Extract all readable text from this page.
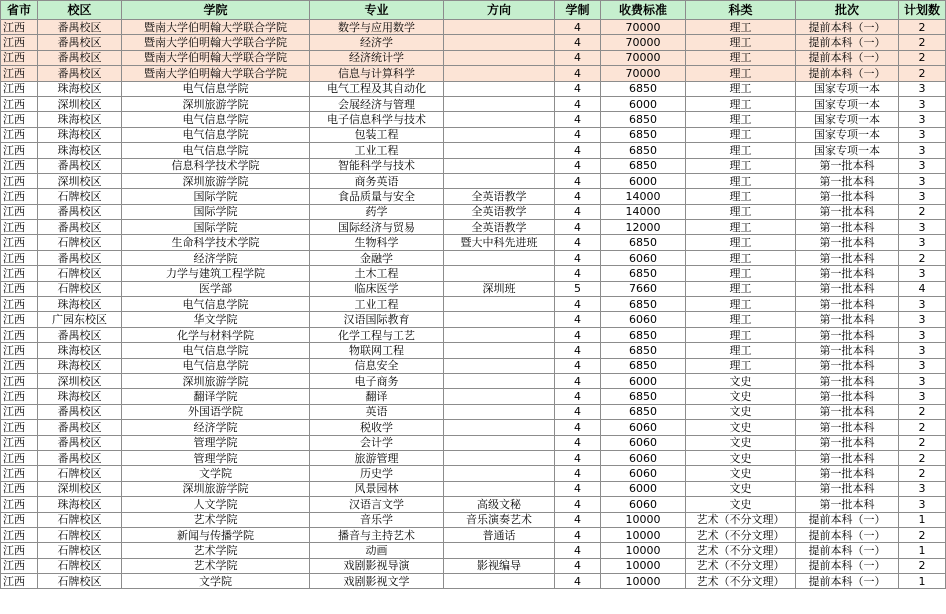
省市	校区	学院	专业	方向	学制	收费标准	科类	批次	计划数
江西	番禺校区	暨南大学伯明翰大学联合学院	数学与应用数学		4	70000	理工	提前本科（一）	2
江西	番禺校区	暨南大学伯明翰大学联合学院	经济学		4	70000	理工	提前本科（一）	2
江西	番禺校区	暨南大学伯明翰大学联合学院	经济统计学		4	70000	理工	提前本科（一）	2
江西	番禺校区	暨南大学伯明翰大学联合学院	信息与计算科学		4	70000	理工	提前本科（一）	2
江西	珠海校区	电气信息学院	电气工程及其自动化		4	6850	理工	国家专项一本	3
江西	深圳校区	深圳旅游学院	会展经济与管理		4	6000	理工	国家专项一本	3
江西	珠海校区	电气信息学院	电子信息科学与技术		4	6850	理工	国家专项一本	3
江西	珠海校区	电气信息学院	包装工程		4	6850	理工	国家专项一本	3
江西	珠海校区	电气信息学院	工业工程		4	6850	理工	国家专项一本	3
江西	番禺校区	信息科学技术学院	智能科学与技术		4	6850	理工	第一批本科	3
江西	深圳校区	深圳旅游学院	商务英语		4	6000	理工	第一批本科	3
江西	石牌校区	国际学院	食品质量与安全	全英语教学	4	14000	理工	第一批本科	3
江西	番禺校区	国际学院	药学	全英语教学	4	14000	理工	第一批本科	2
江西	番禺校区	国际学院	国际经济与贸易	全英语教学	4	12000	理工	第一批本科	3
江西	石牌校区	生命科学技术学院	生物科学	暨大中科先进班	4	6850	理工	第一批本科	3
江西	番禺校区	经济学院	金融学		4	6060	理工	第一批本科	2
江西	石牌校区	力学与建筑工程学院	土木工程		4	6850	理工	第一批本科	3
江西	石牌校区	医学部	临床医学	深圳班	5	7660	理工	第一批本科	4
江西	珠海校区	电气信息学院	工业工程		4	6850	理工	第一批本科	3
江西	广园东校区	华文学院	汉语国际教育		4	6060	理工	第一批本科	3
江西	番禺校区	化学与材料学院	化学工程与工艺		4	6850	理工	第一批本科	3
江西	珠海校区	电气信息学院	物联网工程		4	6850	理工	第一批本科	3
江西	珠海校区	电气信息学院	信息安全		4	6850	理工	第一批本科	3
江西	深圳校区	深圳旅游学院	电子商务		4	6000	文史	第一批本科	3
江西	珠海校区	翻译学院	翻译		4	6850	文史	第一批本科	3
江西	番禺校区	外国语学院	英语		4	6850	文史	第一批本科	2
江西	番禺校区	经济学院	税收学		4	6060	文史	第一批本科	2
江西	番禺校区	管理学院	会计学		4	6060	文史	第一批本科	2
江西	番禺校区	管理学院	旅游管理		4	6060	文史	第一批本科	2
江西	石牌校区	文学院	历史学		4	6060	文史	第一批本科	2
江西	深圳校区	深圳旅游学院	风景园林		4	6000	文史	第一批本科	3
江西	珠海校区	人文学院	汉语言文学	高级文秘	4	6060	文史	第一批本科	3
江西	石牌校区	艺术学院	音乐学	音乐演奏艺术	4	10000	艺术（不分文理）	提前本科（一）	1
江西	石牌校区	新闻与传播学院	播音与主持艺术	普通话	4	10000	艺术（不分文理）	提前本科（一）	2
江西	石牌校区	艺术学院	动画		4	10000	艺术（不分文理）	提前本科（一）	1
江西	石牌校区	艺术学院	戏剧影视导演	影视编导	4	10000	艺术（不分文理）	提前本科（一）	2
江西	石牌校区	文学院	戏剧影视文学		4	10000	艺术（不分文理）	提前本科（一）	1
